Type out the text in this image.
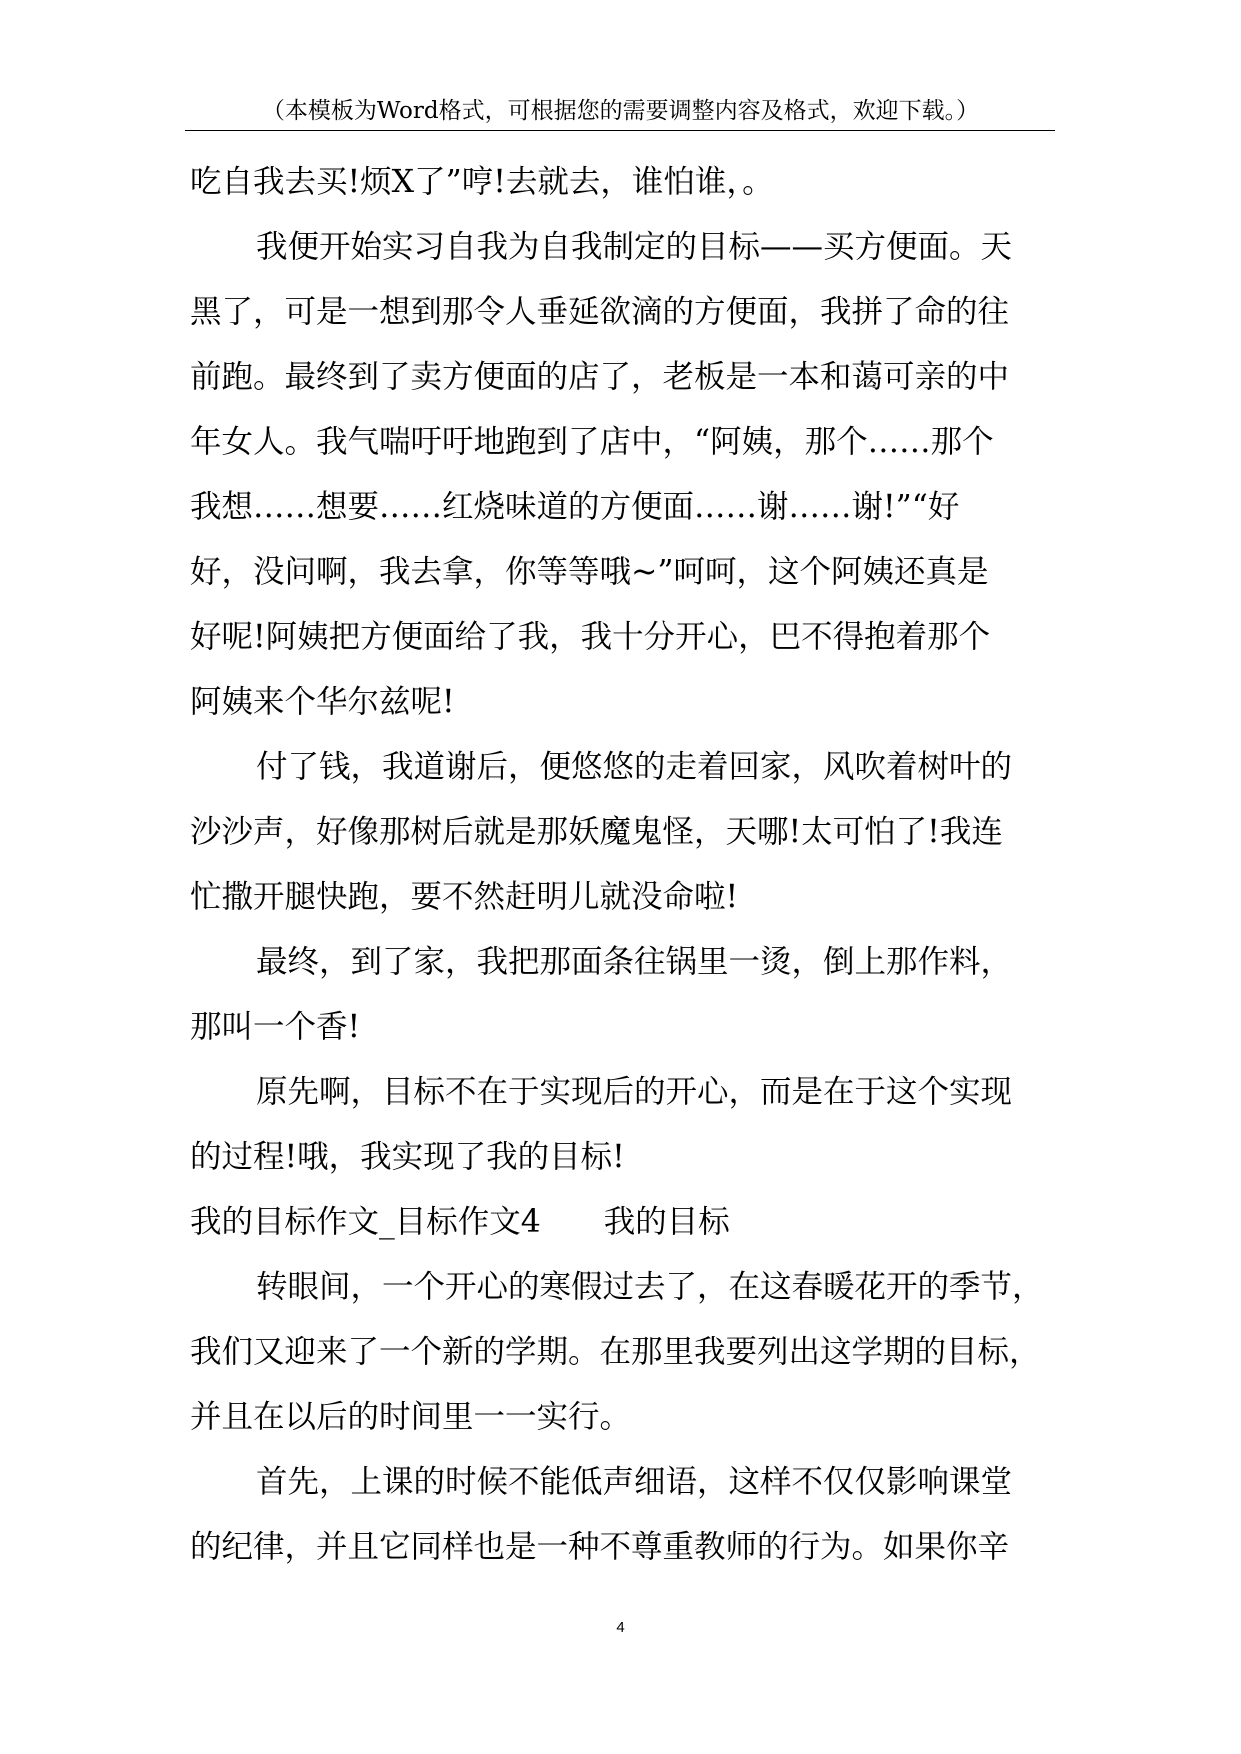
（本模板为Word格式，可根据您的需要调整内容及格式，欢迎下载。）
吃自我去买!烦X了”哼!去就去，谁怕谁，。
我便开始实习自我为自我制定的目标——买方便面。天
黑了，可是一想到那令人垂延欲滴的方便面，我拼了命的往
前跑。最终到了卖方便面的店了，老板是一本和蔼可亲的中
年女人。我气喘吁吁地跑到了店中，“阿姨，那个……那个
我想……想要……红烧味道的方便面……谢……谢!”“好
好，没问啊，我去拿，你等等哦~”呵呵，这个阿姨还真是
好呢!阿姨把方便面给了我，我十分开心，巴不得抱着那个
阿姨来个华尔兹呢!
付了钱，我道谢后，便悠悠的走着回家，风吹着树叶的
沙沙声，好像那树后就是那妖魔鬼怪，天哪!太可怕了!我连
忙撒开腿快跑，要不然赶明儿就没命啦!
最终，到了家，我把那面条往锅里一烫，倒上那作料，
那叫一个香!
原先啊，目标不在于实现后的开心，而是在于这个实现
的过程!哦，我实现了我的目标!
我的目标作文_目标作文4　　我的目标
转眼间，一个开心的寒假过去了，在这春暖花开的季节，
我们又迎来了一个新的学期。在那里我要列出这学期的目标，
并且在以后的时间里一一实行。
首先，上课的时候不能低声细语，这样不仅仅影响课堂
的纪律，并且它同样也是一种不尊重教师的行为。如果你辛
4
